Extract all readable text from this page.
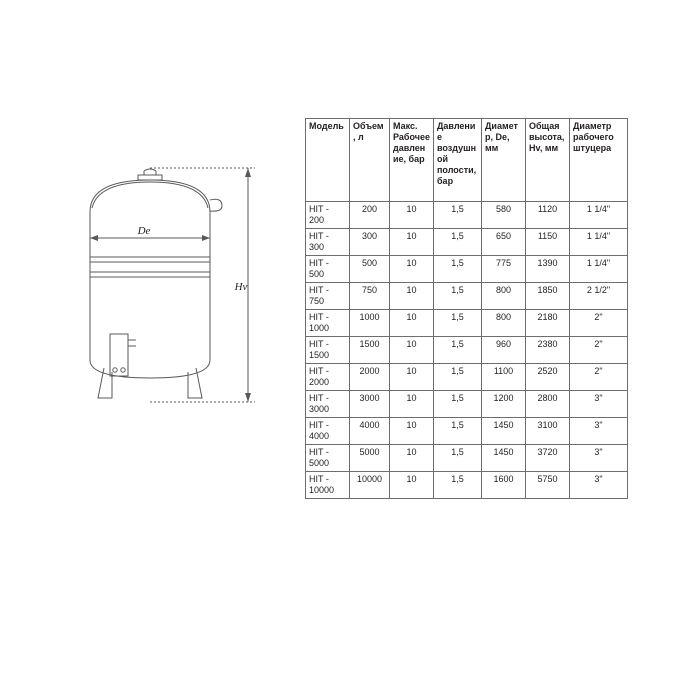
De
Hv
Модель	Объем, л	Макс. Рабочее давление, бар	Давление воздушной полости, бар	Диаметр, De, мм	Общая высота, Hv, мм	Диаметр рабочего штуцера
HIT - 200	200	10	1,5	580	1120	1 1/4"
HIT - 300	300	10	1,5	650	1150	1 1/4"
HIT - 500	500	10	1,5	775	1390	1 1/4"
HIT - 750	750	10	1,5	800	1850	2 1/2"
HIT - 1000	1000	10	1,5	800	2180	2"
HIT - 1500	1500	10	1,5	960	2380	2"
HIT - 2000	2000	10	1,5	1100	2520	2"
HIT - 3000	3000	10	1,5	1200	2800	3"
HIT - 4000	4000	10	1,5	1450	3100	3"
HIT - 5000	5000	10	1,5	1450	3720	3"
HIT - 10000	10000	10	1,5	1600	5750	3"
